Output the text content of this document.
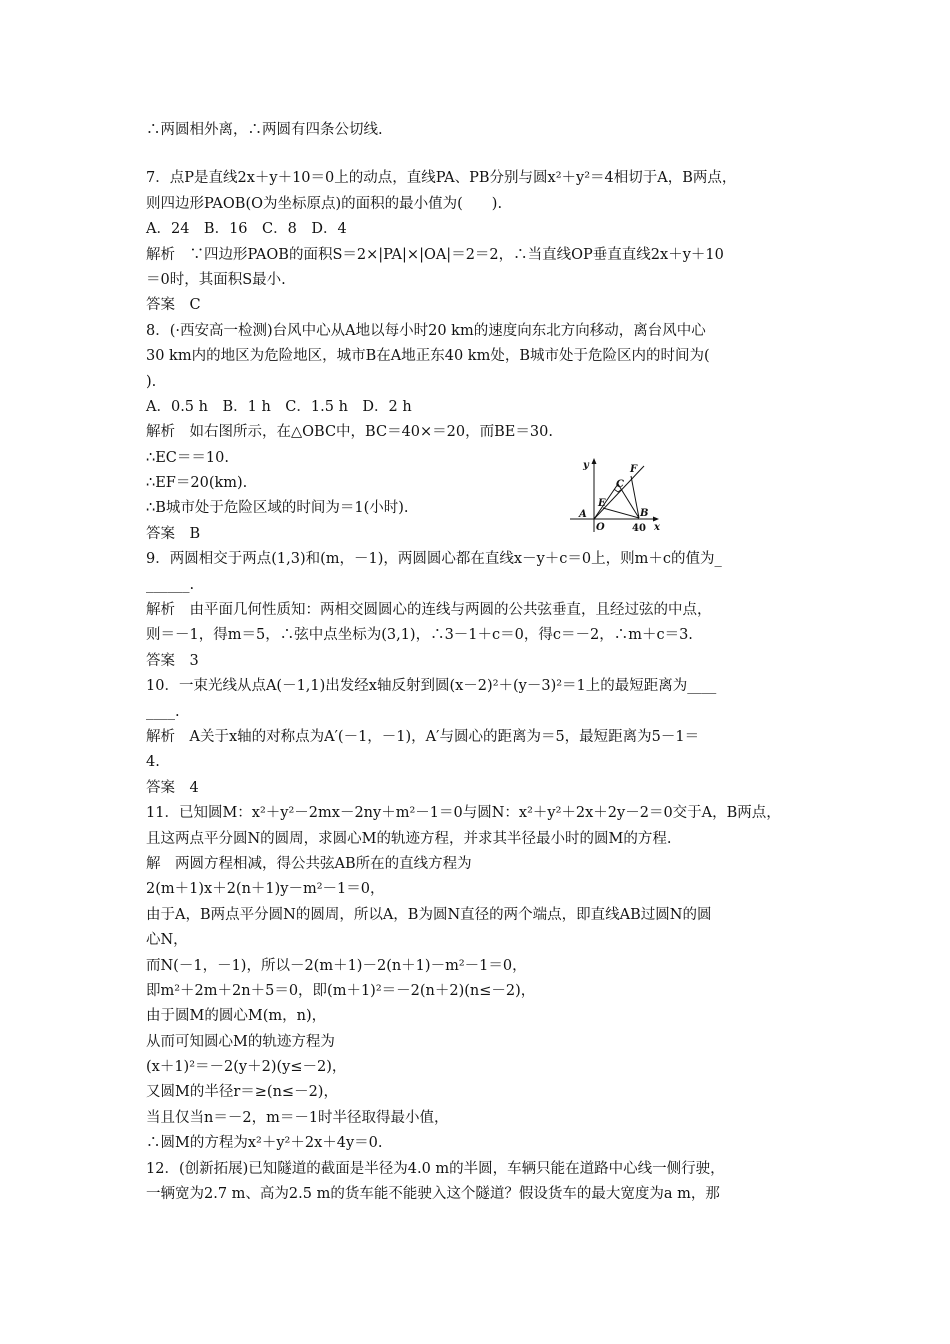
∴两圆相外离，∴两圆有四条公切线.
7．点P是直线2x＋y＋10＝0上的动点，直线PA、PB分别与圆x²＋y²＝4相切于A，B两点，
则四边形PAOB(O为坐标原点)的面积的最小值为(　　).
A．24　B．16　C．8　D．4
解析　∵四边形PAOB的面积S＝2×|PA|×|OA|＝2＝2，∴当直线OP垂直直线2x＋y＋10
＝0时，其面积S最小.
答案　C
8．(·西安高一检测)台风中心从A地以每小时20 km的速度向东北方向移动，离台风中心
30 km内的地区为危险地区，城市B在A地正东40 km处，B城市处于危险区内的时间为(
).
A．0.5 h　B．1 h　C．1.5 h　D．2 h
解析　如右图所示，在△OBC中，BC＝40×＝20，而BE＝30.
∴EC＝＝10.
∴EF＝20(km).
∴B城市处于危险区域的时间为＝1(小时).
答案　B
9．两圆相交于两点(1,3)和(m，－1)，两圆圆心都在直线x－y＋c＝0上，则m＋c的值为_
______.
解析　由平面几何性质知：两相交圆圆心的连线与两圆的公共弦垂直，且经过弦的中点，
则＝－1，得m＝5，∴弦中点坐标为(3,1)，∴3－1＋c＝0，得c＝－2，∴m＋c＝3.
答案　3
10．一束光线从点A(－1,1)出发经x轴反射到圆(x－2)²＋(y－3)²＝1上的最短距离为____
____.
解析　A关于x轴的对称点为A′(－1，－1)，A′与圆心的距离为＝5，最短距离为5－1＝
4.
答案　4
11．已知圆M：x²＋y²－2mx－2ny＋m²－1＝0与圆N：x²＋y²＋2x＋2y－2＝0交于A，B两点，
且这两点平分圆N的圆周，求圆心M的轨迹方程，并求其半径最小时的圆M的方程.
解　两圆方程相减，得公共弦AB所在的直线方程为
2(m＋1)x＋2(n＋1)y－m²－1＝0，
由于A，B两点平分圆N的圆周，所以A，B为圆N直径的两个端点，即直线AB过圆N的圆
心N，
而N(－1，－1)，所以－2(m＋1)－2(n＋1)－m²－1＝0，
即m²＋2m＋2n＋5＝0，即(m＋1)²＝－2(n＋2)(n≤－2)，
由于圆M的圆心M(m，n)，
从而可知圆心M的轨迹方程为
(x＋1)²＝－2(y＋2)(y≤－2)，
又圆M的半径r＝≥(n≤－2)，
当且仅当n＝－2，m＝－1时半径取得最小值，
∴圆M的方程为x²＋y²＋2x＋4y＝0.
12．(创新拓展)已知隧道的截面是半径为4.0 m的半圆，车辆只能在道路中心线一侧行驶，
一辆宽为2.7 m、高为2.5 m的货车能不能驶入这个隧道？假设货车的最大宽度为a m，那
y	F
C
E
A
O
B
x
40
